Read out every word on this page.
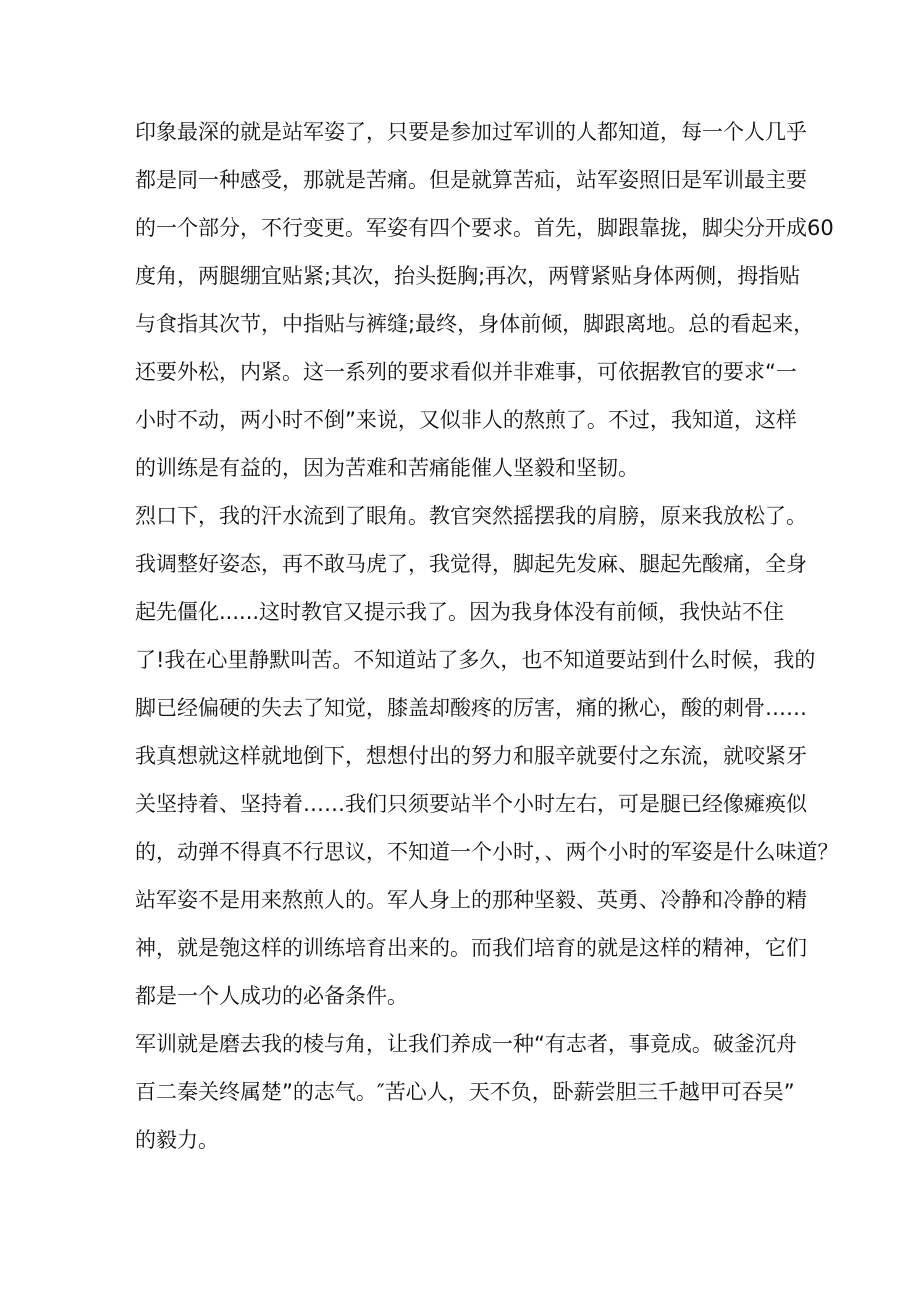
印象最深的就是站军姿了，只要是参加过军训的人都知道，每一个人几乎
都是同一种感受，那就是苦痛。但是就算苦疝，站军姿照旧是军训最主要
的一个部分，不行变更。军姿有四个要求。首先，脚跟靠拢，脚尖分开成60
度角，两腿绷宜贴紧;其次，抬头挺胸;再次，两臂紧贴身体两侧，拇指贴
与食指其次节，中指贴与裤缝;最终，身体前倾，脚跟离地。总的看起来，
还要外松，内紧。这一系列的要求看似并非难事，可依据教官的要求“一
小时不动，两小时不倒”来说，又似非人的熬煎了。不过，我知道，这样
的训练是有益的，因为苦难和苦痛能催人坚毅和坚韧。
烈口下，我的汗水流到了眼角。教官突然摇摆我的肩膀，原来我放松了。
我调整好姿态，再不敢马虎了，我觉得，脚起先发麻、腿起先酸痛，全身
起先僵化......这时教官又提示我了。因为我身体没有前倾，我快站不住
了!我在心里静默叫苦。不知道站了多久，也不知道要站到什么时候，我的
脚已经偏硬的失去了知觉，膝盖却酸疼的厉害，痛的揪心，酸的刺骨……
我真想就这样就地倒下，想想付出的努力和服辛就要付之东流，就咬紧牙
关坚持着、坚持着……我们只须要站半个小时左右，可是腿已经像瘫痪似
的，动弹不得真不行思议，不知道一个小时，、两个小时的军姿是什么味道？
站军姿不是用来熬煎人的。军人身上的那种坚毅、英勇、冷静和冷静的精
神，就是匏这样的训练培育出来的。而我们培育的就是这样的精神，它们
都是一个人成功的必备条件。
军训就是磨去我的棱与角，让我们养成一种“有志者，事竟成。破釜沉舟
百二秦关终属楚”的志气。″苦心人，天不负，卧薪尝胆三千越甲可吞吴”
的毅力。
